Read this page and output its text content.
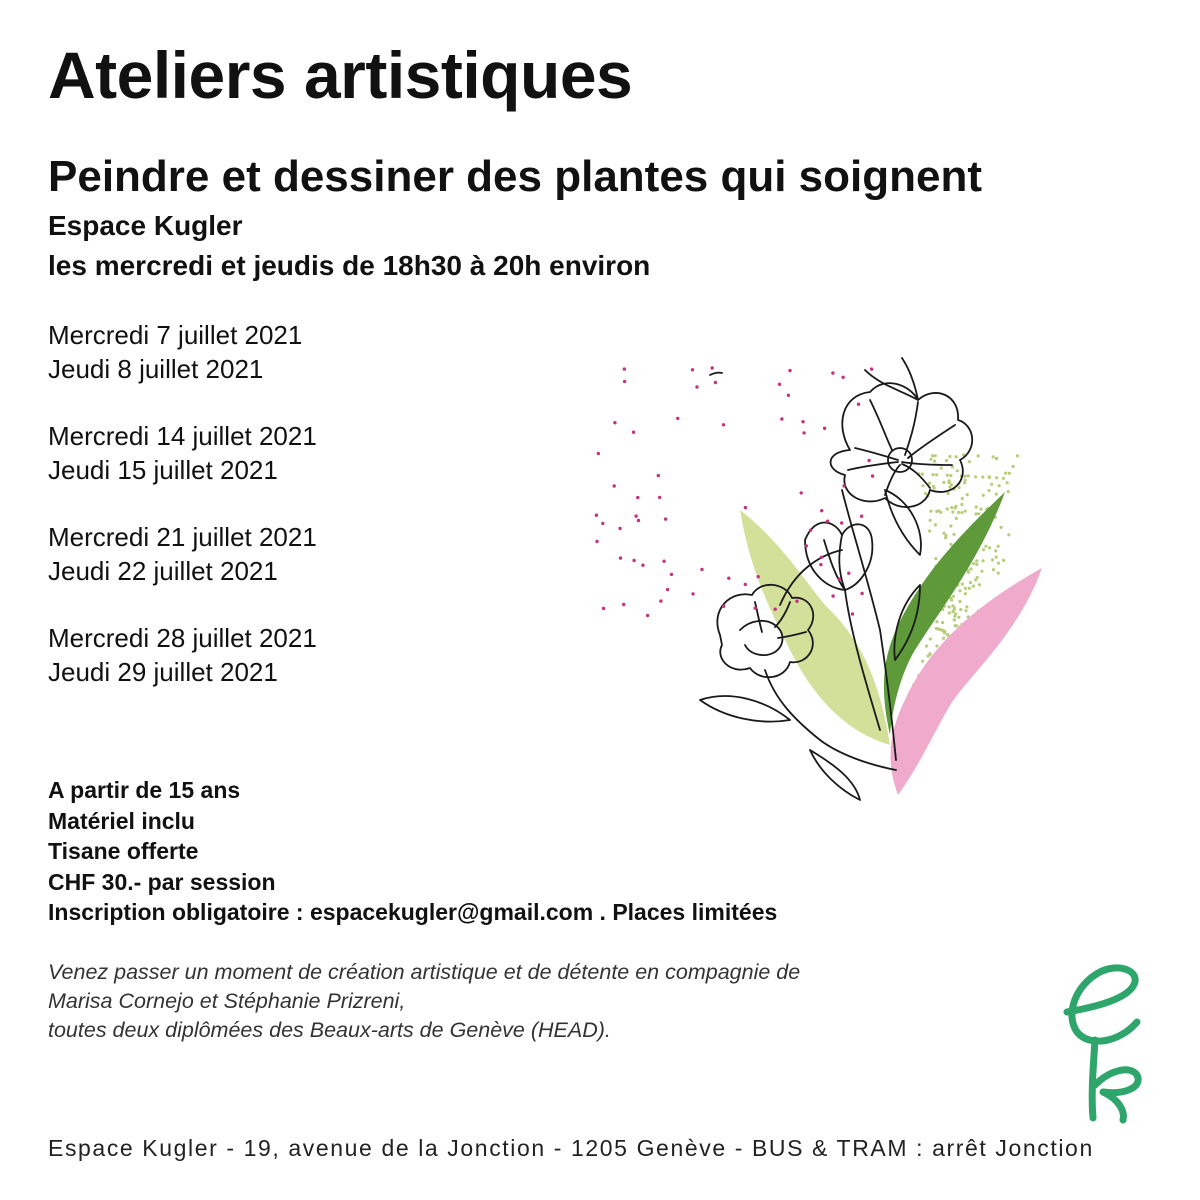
Ateliers artistiques
Peindre et dessiner des plantes qui soignent
Espace Kugler
les mercredi et jeudis de 18h30 à 20h environ
Mercredi 7 juillet 2021
Jeudi 8 juillet 2021
Mercredi 14 juillet 2021
Jeudi 15 juillet 2021
Mercredi 21 juillet 2021
Jeudi 22 juillet 2021
Mercredi 28 juillet 2021
Jeudi 29 juillet 2021
A partir de 15 ans
Matériel inclu
Tisane offerte
CHF 30.- par session
Inscription obligatoire : espacekugler@gmail.com . Places limitées
Venez passer un moment de création artistique et de détente en compagnie de
Marisa Cornejo et Stéphanie Prizreni,
toutes deux diplômées des Beaux-arts de Genève (HEAD).
Espace Kugler - 19, avenue de la Jonction - 1205 Genève - BUS & TRAM : arrêt Jonction
